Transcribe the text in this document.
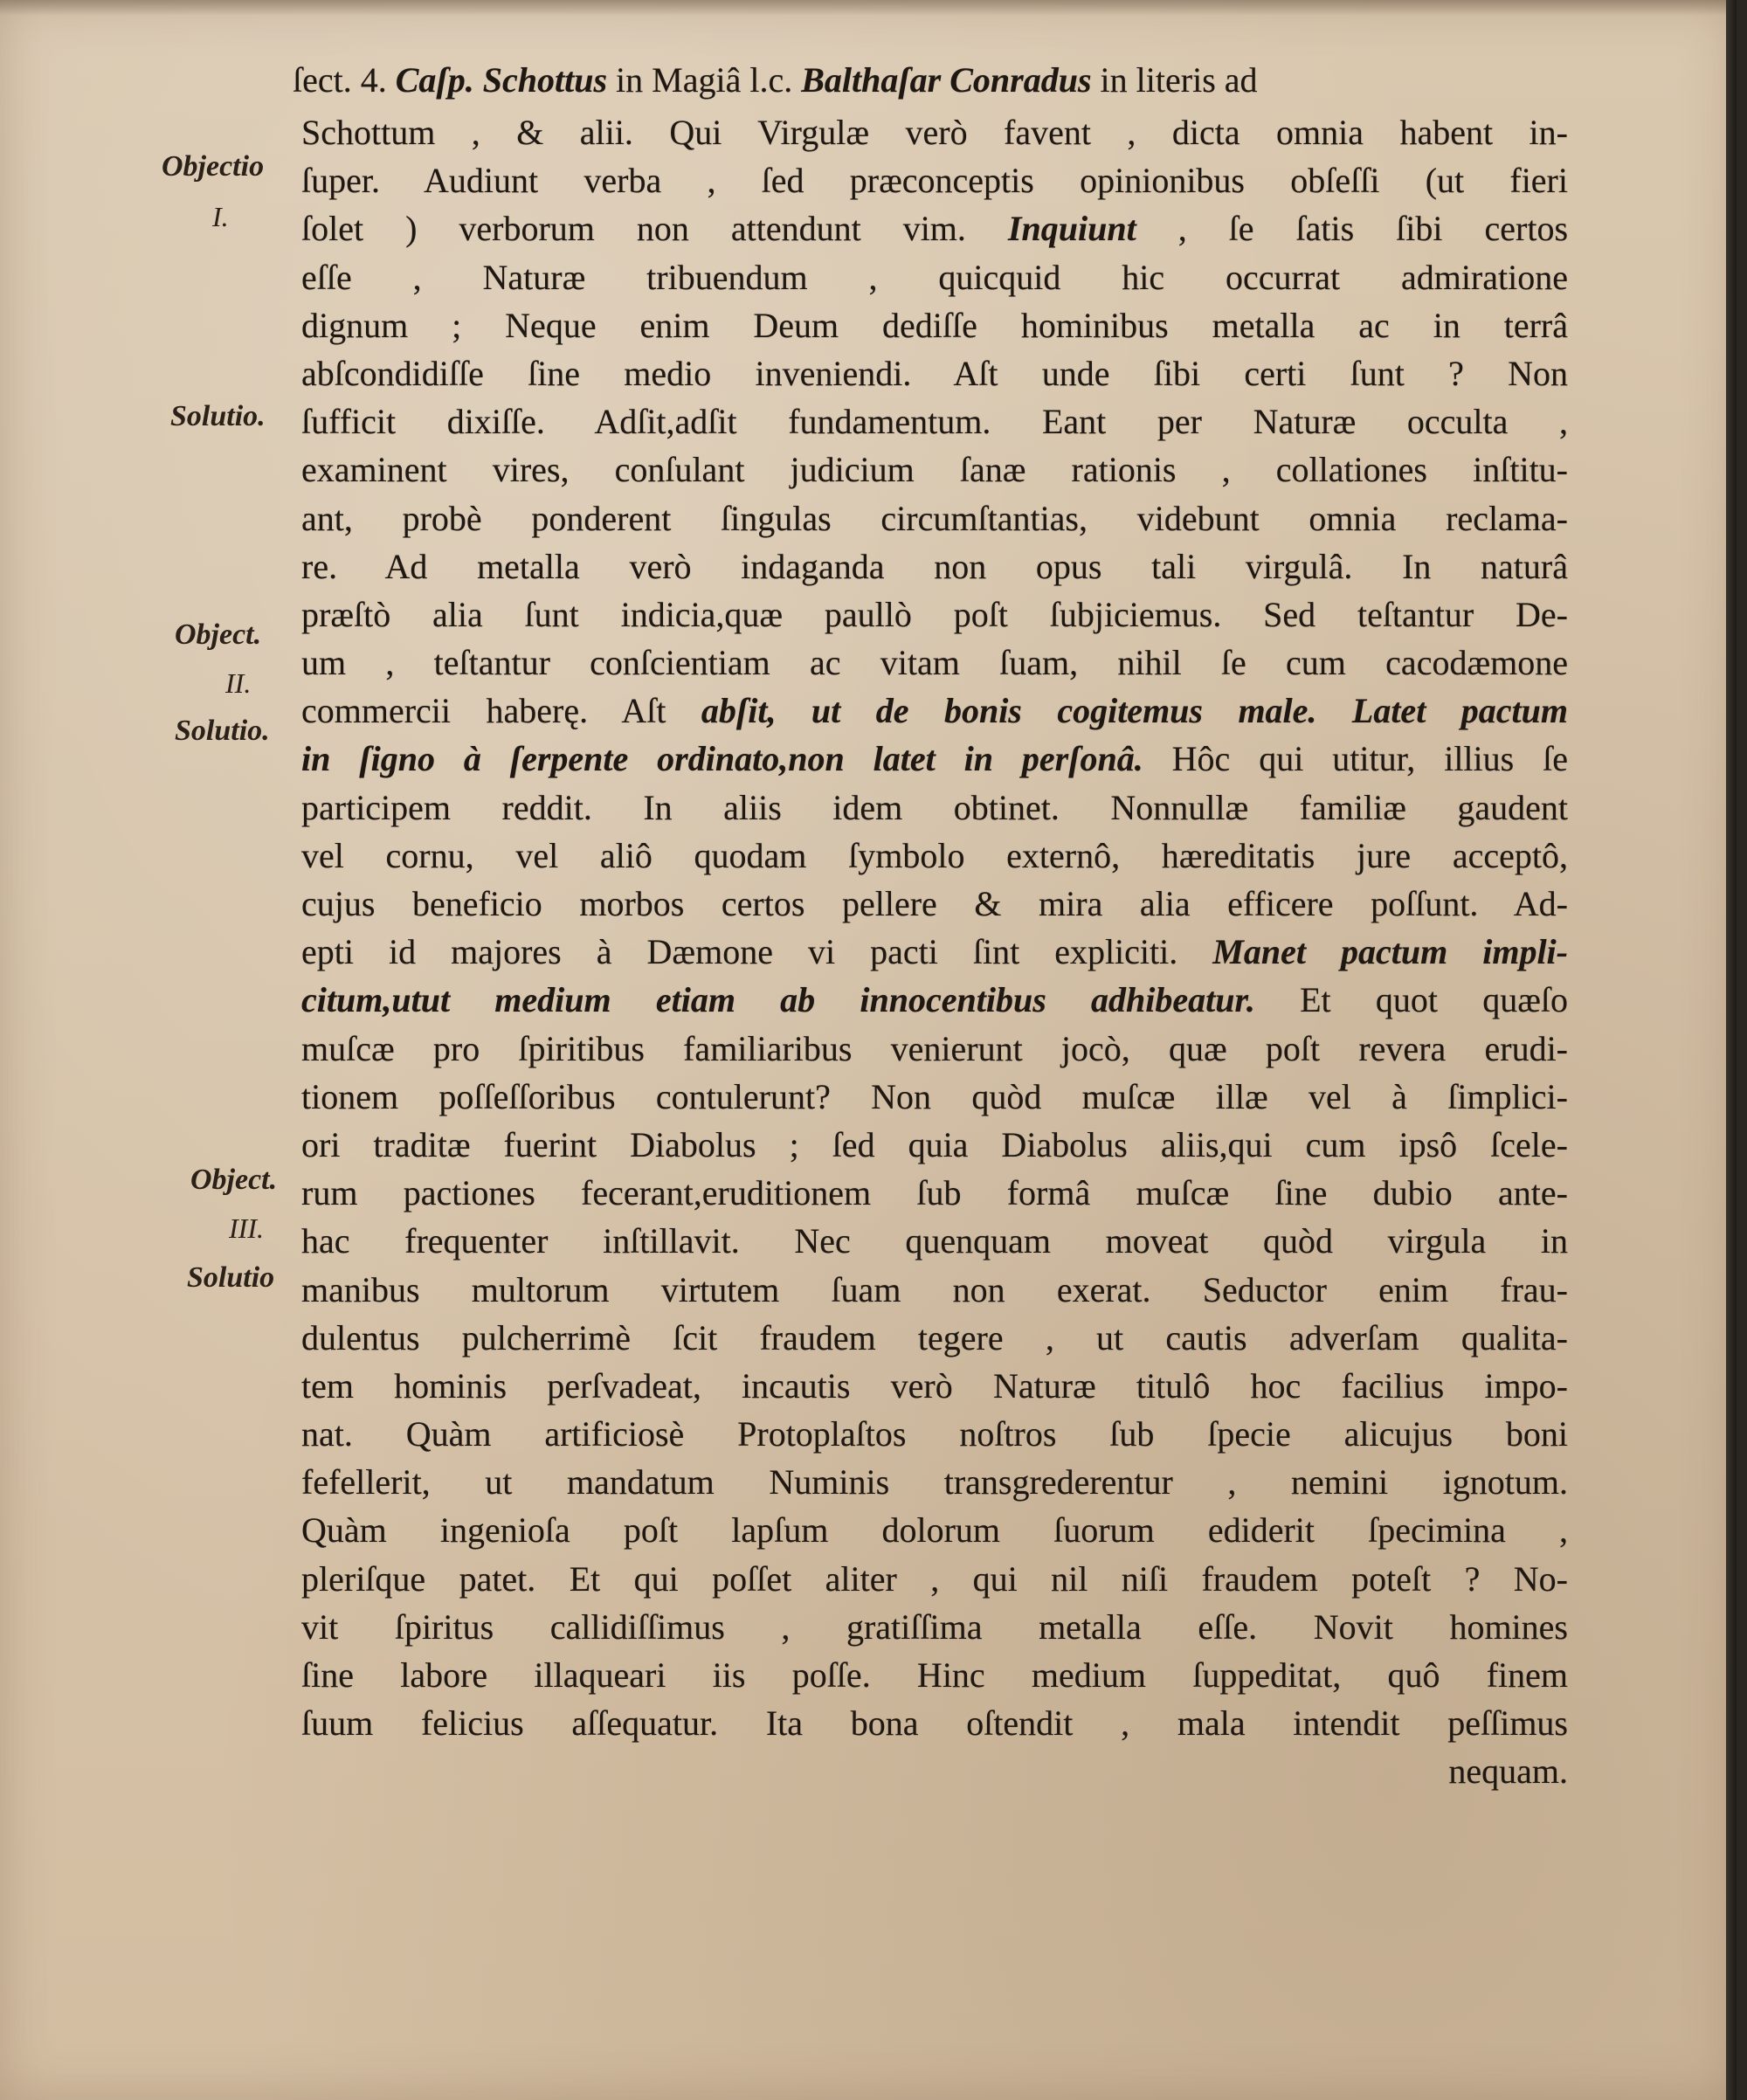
ſect. 4. Caſp. Schottus in Magiâ l.c. Balthaſar Conradus in literis ad
Objectio
I.
Solutio.
Object.
II.
Solutio.
Object.
III.
Solutio
Schottum , & alii. Qui Virgulæ verò favent , dicta omnia habent in-
ſuper. Audiunt verba , ſed præconceptis opinionibus obſeſſi (ut fieri
ſolet ) verborum non attendunt vim. Inquiunt , ſe ſatis ſibi certos
eſſe , Naturæ tribuendum , quicquid hic occurrat admiratione
dignum ; Neque enim Deum dediſſe hominibus metalla ac in terrâ
abſcondidiſſe ſine medio inveniendi. Aſt unde ſibi certi ſunt ? Non
ſufficit dixiſſe. Adſit,adſit fundamentum. Eant per Naturæ occulta ,
examinent vires, conſulant judicium ſanæ rationis , collationes inſtitu-
ant, probè ponderent ſingulas circumſtantias, videbunt omnia reclama-
re. Ad metalla verò indaganda non opus tali virgulâ. In naturâ
præſtò alia ſunt indicia,quæ paullò poſt ſubjiciemus. Sed teſtantur De-
um , teſtantur conſcientiam ac vitam ſuam, nihil ſe cum cacodæmone
commercii haberę. Aſt abſit, ut de bonis cogitemus male. Latet pactum
in ſigno à ſerpente ordinato,non latet in perſonâ. Hôc qui utitur, illius ſe
participem reddit. In aliis idem obtinet. Nonnullæ familiæ gaudent
vel cornu, vel aliô quodam ſymbolo externô, hæreditatis jure acceptô,
cujus beneficio morbos certos pellere & mira alia efficere poſſunt. Ad-
epti id majores à Dæmone vi pacti ſint expliciti. Manet pactum impli-
citum,utut medium etiam ab innocentibus adhibeatur. Et quot quæſo
muſcæ pro ſpiritibus familiaribus venierunt jocò, quæ poſt revera erudi-
tionem poſſeſſoribus contulerunt? Non quòd muſcæ illæ vel à ſimplici-
ori traditæ fuerint Diabolus ; ſed quia Diabolus aliis,qui cum ipsô ſcele-
rum pactiones fecerant,eruditionem ſub formâ muſcæ ſine dubio ante-
hac frequenter inſtillavit. Nec quenquam moveat quòd virgula in
manibus multorum virtutem ſuam non exerat. Seductor enim frau-
dulentus pulcherrimè ſcit fraudem tegere , ut cautis adverſam qualita-
tem hominis perſvadeat, incautis verò Naturæ titulô hoc facilius impo-
nat. Quàm artificiosè Protoplaſtos noſtros ſub ſpecie alicujus boni
fefellerit, ut mandatum Numinis transgrederentur , nemini ignotum.
Quàm ingenioſa poſt lapſum dolorum ſuorum ediderit ſpecimina ,
pleriſque patet. Et qui poſſet aliter , qui nil niſi fraudem poteſt ? No-
vit ſpiritus callidiſſimus , gratiſſima metalla eſſe. Novit homines
ſine labore illaqueari iis poſſe. Hinc medium ſuppeditat, quô finem
ſuum felicius aſſequatur. Ita bona oſtendit , mala intendit peſſimus
nequam.
